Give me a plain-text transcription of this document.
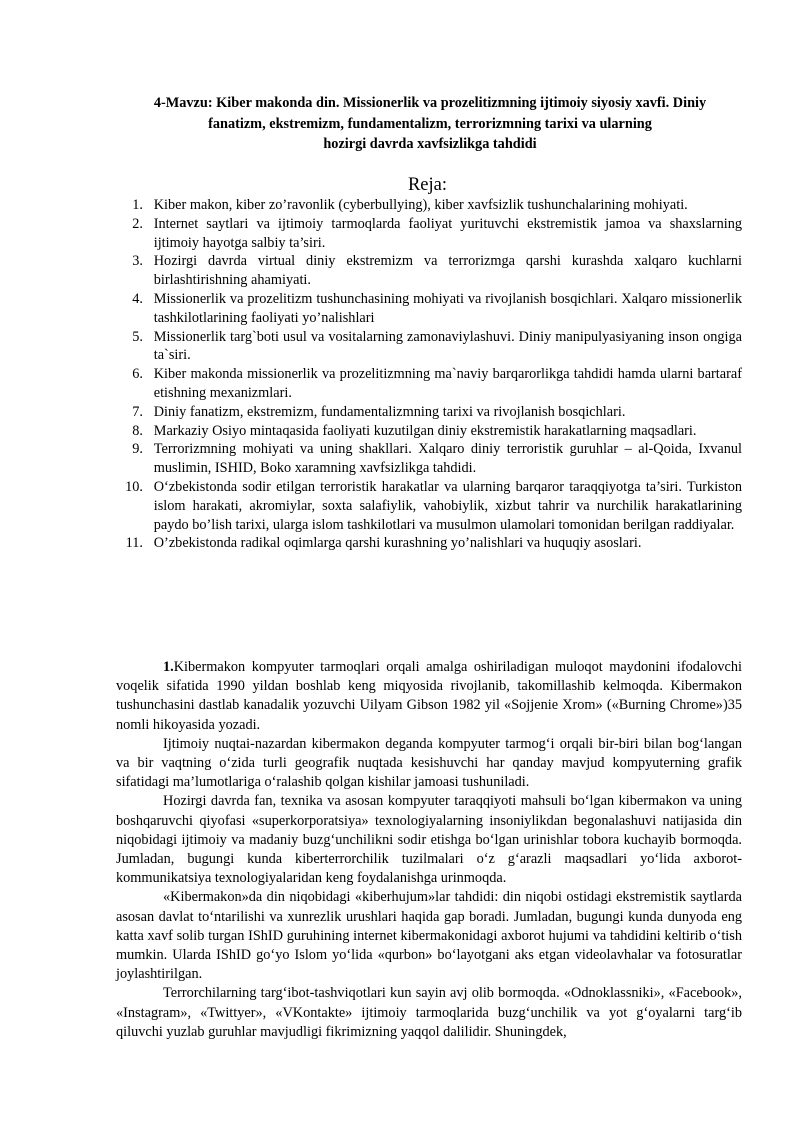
4-Mavzu: Kiber makonda din. Missionerlik va prozelitizmning ijtimoiy siyosiy xavfi. Diniy
fanatizm, ekstremizm, fundamentalizm, terrorizmning tarixi va ularning
hozirgi davrda xavfsizlikga tahdidi
Reja:
1.
Kiber makon, kiber zo’ravonlik (cyberbullying), kiber xavfsizlik tushunchalarining mohiyati.
2.
Internet saytlari va ijtimoiy tarmoqlarda faoliyat yurituvchi ekstremistik jamoa va shaxslarning ijtimoiy hayotga salbiy ta’siri.
3.
Hozirgi davrda virtual diniy ekstremizm va terrorizmga qarshi kurashda xalqaro kuchlarni birlashtirishning ahamiyati.
4.
Missionerlik va prozelitizm tushunchasining mohiyati va rivojlanish bosqichlari. Xalqaro missionerlik tashkilotlarining faoliyati yo’nalishlari
5.
Missionerlik targ`boti usul va vositalarning zamonaviylashuvi. Diniy manipulyasiyaning inson ongiga ta`siri.
6.
Kiber makonda missionerlik va prozelitizmning ma`naviy barqarorlikga tahdidi hamda ularni bartaraf etishning mexanizmlari.
7.
Diniy fanatizm, ekstremizm, fundamentalizmning tarixi va rivojlanish bosqichlari.
8.
Markaziy Osiyo mintaqasida faoliyati kuzutilgan diniy ekstremistik harakatlarning maqsadlari.
9.
Terrorizmning mohiyati va uning shakllari. Xalqaro diniy terroristik guruhlar – al-Qoida, Ixvanul muslimin, ISHID, Boko xaramning xavfsizlikga tahdidi.
10.
O‘zbekistonda sodir etilgan terroristik harakatlar va ularning barqaror taraqqiyotga ta’siri. Turkiston islom harakati, akromiylar, soxta salafiylik, vahobiylik, xizbut tahrir va nurchilik harakatlarining paydo bo’lish tarixi, ularga islom tashkilotlari va musulmon ulamolari tomonidan berilgan raddiyalar.
11.
O’zbekistonda radikal oqimlarga qarshi kurashning yo’nalishlari va huquqiy asoslari.

1.Kibermakon kompyuter tarmoqlari orqali amalga oshiriladigan muloqot maydonini ifodalovchi voqelik sifatida 1990 yildan boshlab keng miqyosida rivojlanib, takomillashib kelmoqda. Kibermakon tushunchasini dastlab kanadalik yozuvchi Uilyam Gibson 1982 yil «Sojjenie Xrom» («Burning Chrome»)35 nomli hikoyasida yozadi.

Ijtimoiy nuqtai-nazardan kibermakon deganda kompyuter tarmog‘i orqali bir-biri bilan bog‘langan va bir vaqtning o‘zida turli geografik nuqtada kesishuvchi har qanday mavjud kompyuterning grafik sifatidagi ma’lumotlariga o‘ralashib qolgan kishilar jamoasi tushuniladi.

Hozirgi davrda fan, texnika va asosan kompyuter taraqqiyoti mahsuli bo‘lgan kibermakon va uning boshqaruvchi qiyofasi «superkorporatsiya» texnologiyalarning insoniylikdan begonalashuvi natijasida din niqobidagi ijtimoiy va madaniy buzg‘unchilikni sodir etishga bo‘lgan urinishlar tobora kuchayib bormoqda. Jumladan, bugungi kunda kiberterrorchilik tuzilmalari o‘z g‘arazli maqsadlari yo‘lida axborot-kommunikatsiya texnologiyalaridan keng foydalanishga urinmoqda.

«Kibermakon»da din niqobidagi «kiberhujum»lar tahdidi: din niqobi ostidagi ekstremistik saytlarda asosan davlat to‘ntarilishi va xunrezlik urushlari haqida gap boradi. Jumladan, bugungi kunda dunyoda eng katta xavf solib turgan IShID guruhining internet kibermakonidagi axborot hujumi va tahdidini keltirib o‘tish mumkin. Ularda IShID go‘yo Islom yo‘lida «qurbon» bo‘layotgani aks etgan videolavhalar va fotosuratlar joylashtirilgan.

Terrorchilarning targ‘ibot-tashviqotlari kun sayin avj olib bormoqda. «Odnoklassniki», «Facebook», «Instagram», «Twittyer», «VKontakte» ijtimoiy tarmoqlarida buzg‘unchilik va yot g‘oyalarni targ‘ib qiluvchi yuzlab guruhlar mavjudligi fikrimizning yaqqol dalilidir. Shuningdek,
